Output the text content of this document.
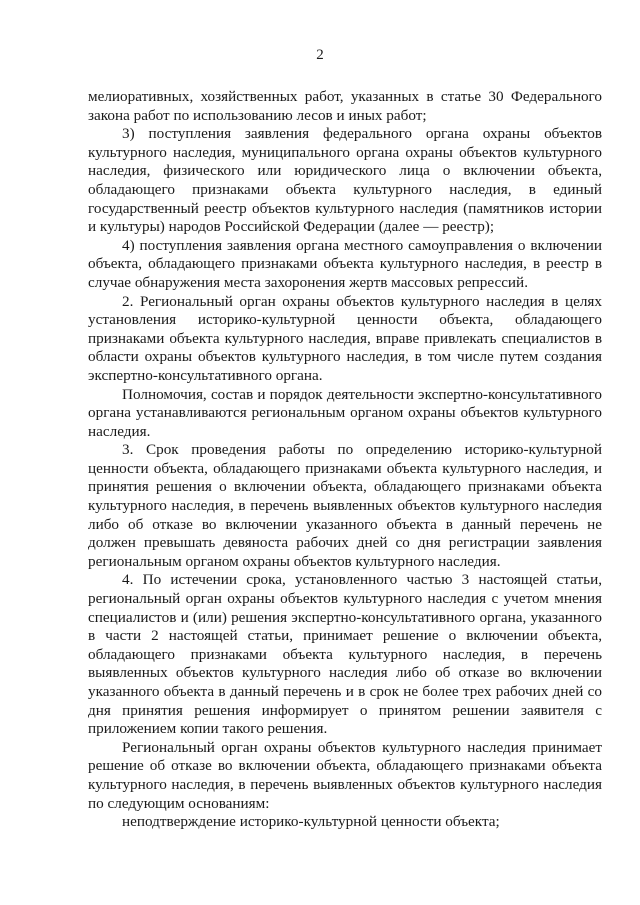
2

мелиоративных, хозяйственных работ, указанных в статье 30 Федерального закона работ по использованию лесов и иных работ;

3) поступления заявления федерального органа охраны объектов культурного наследия, муниципального органа охраны объектов культурного наследия, физического или юридического лица о включении объекта, обладающего признаками объекта культурного наследия, в единый государственный реестр объектов культурного наследия (памятников истории и культуры) народов Российской Федерации (далее — реестр);

4) поступления заявления органа местного самоуправления о включении объекта, обладающего признаками объекта культурного наследия, в реестр в случае обнаружения места захоронения жертв массовых репрессий.

2. Региональный орган охраны объектов культурного наследия в целях установления историко-культурной ценности объекта, обладающего признаками объекта культурного наследия, вправе привлекать специалистов в области охраны объектов культурного наследия, в том числе путем создания экспертно-консультативного органа.

Полномочия, состав и порядок деятельности экспертно-консультативного органа устанавливаются региональным органом охраны объектов культурного наследия.

3. Срок проведения работы по определению историко-культурной ценности объекта, обладающего признаками объекта культурного наследия, и принятия решения о включении объекта, обладающего признаками объекта культурного наследия, в перечень выявленных объектов культурного наследия либо об отказе во включении указанного объекта в данный перечень не должен превышать девяноста рабочих дней со дня регистрации заявления региональным органом охраны объектов культурного наследия.

4. По истечении срока, установленного частью 3 настоящей статьи, региональный орган охраны объектов культурного наследия с учетом мнения специалистов и (или) решения экспертно-консультативного органа, указанного в части 2 настоящей статьи, принимает решение о включении объекта, обладающего признаками объекта культурного наследия, в перечень выявленных объектов культурного наследия либо об отказе во включении указанного объекта в данный перечень и в срок не более трех рабочих дней со дня принятия решения информирует о принятом решении заявителя с приложением копии такого решения.

Региональный орган охраны объектов культурного наследия принимает решение об отказе во включении объекта, обладающего признаками объекта культурного наследия, в перечень выявленных объектов культурного наследия по следующим основаниям:

неподтверждение историко-культурной ценности объекта;
